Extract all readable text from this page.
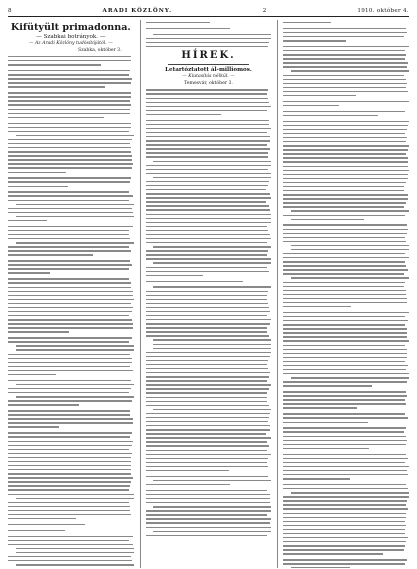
8	ARADI KÖZLÖNY.	2	1910. október 4.
Kifütyült primadonna.
— Szabkai botrányok. —
— Az Aradi Közlöny tudósítójától. —
Szabka, október 3.	HÍREK.
Letartóztatott ál-milliomos.
— Kiutasítás nélkül. —
Temesvár, október 3.
